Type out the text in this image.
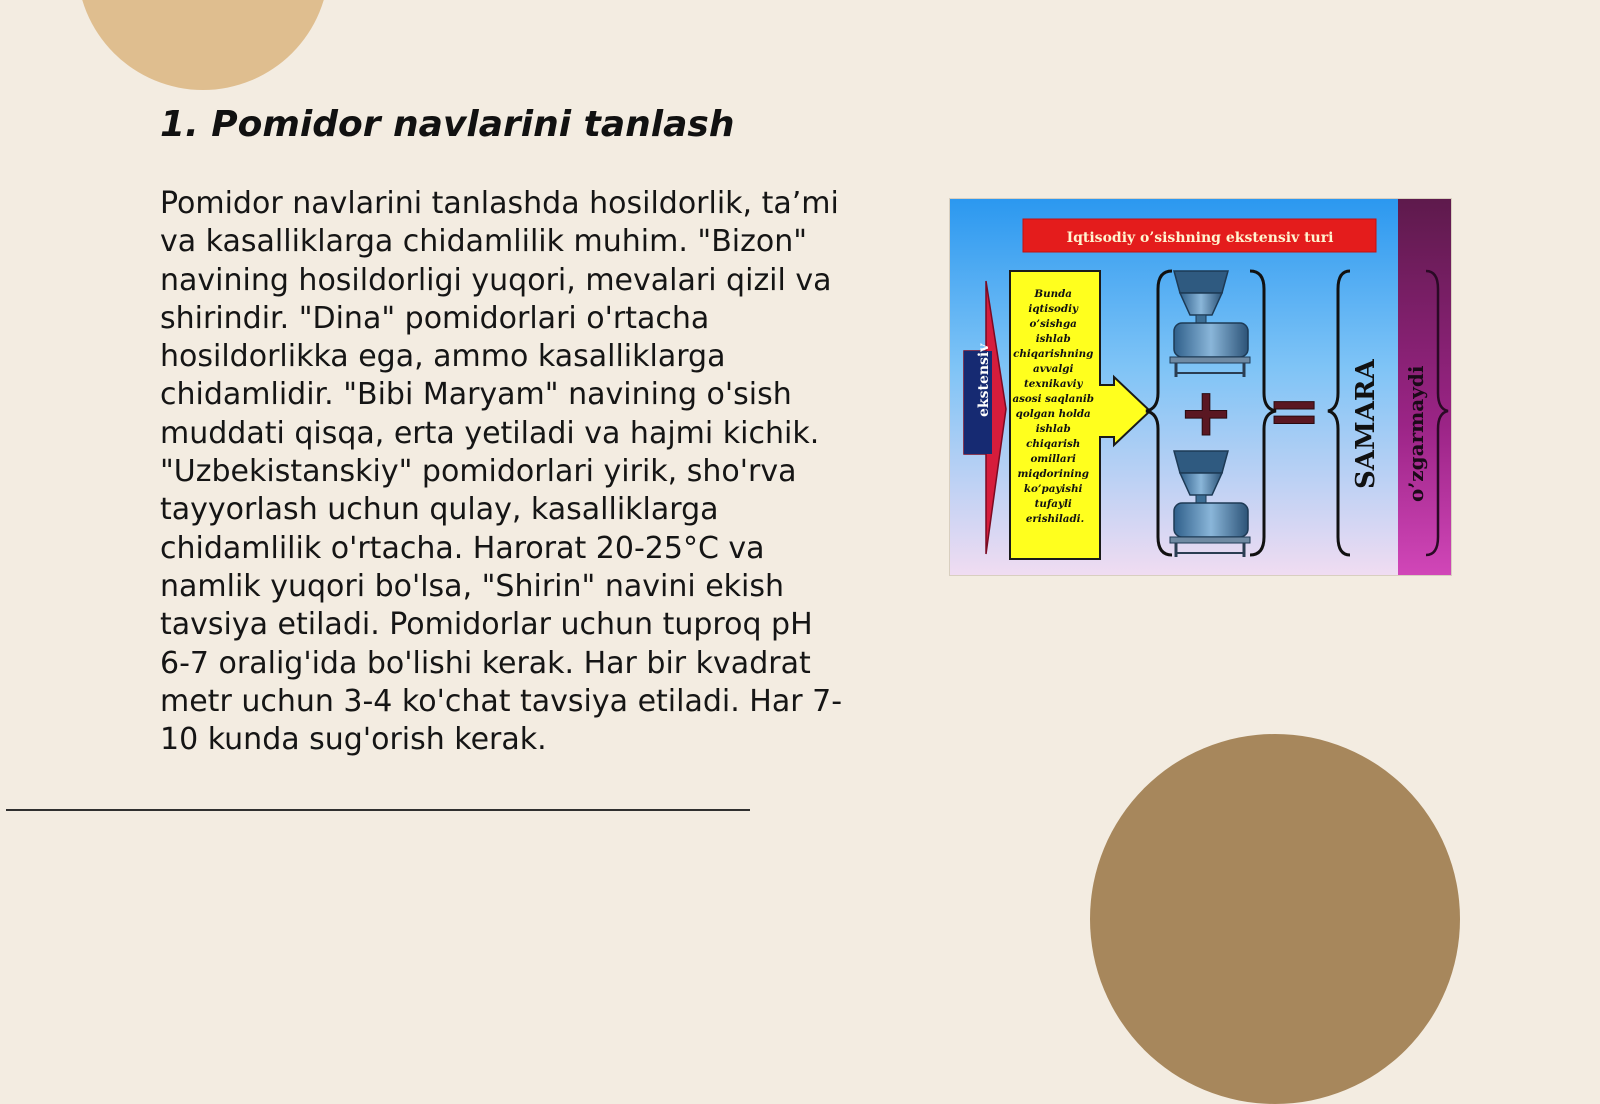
1. Pomidor navlarini tanlash

Pomidor navlarini tanlashda hosildorlik, ta’mi va kasalliklarga chidamlilik muhim. "Bizon" navining hosildorligi yuqori, mevalari qizil va shirindir. "Dina" pomidorlari o'rtacha hosildorlikka ega, ammo kasalliklarga chidamlidir. "Bibi Maryam" navining o'sish muddati qisqa, erta yetiladi va hajmi kichik. "Uzbekistanskiy" pomidorlari yirik, sho'rva tayyorlash uchun qulay, kasalliklarga chidamlilik o'rtacha. Harorat 20-25°C va namlik yuqori bo'lsa, "Shirin" navini ekish tavsiya etiladi. Pomidorlar uchun tuproq pH 6-7 oralig'ida bo'lishi kerak. Har bir kvadrat metr uchun 3-4 ko'chat tavsiya etiladi. Har 7-10 kunda sug'orish kerak.

Iqtisodiy o’sishning ekstensiv turi
ekstensiv
Bunda iqtisodiy o’sishga ishlab chiqarishning avvalgi texnikaviy asosi saqlanib qolgan holda ishlab chiqarish omillari miqdorining ko’payishi tufayli erishiladi.
+ = SAMARA o’zgarmaydi
